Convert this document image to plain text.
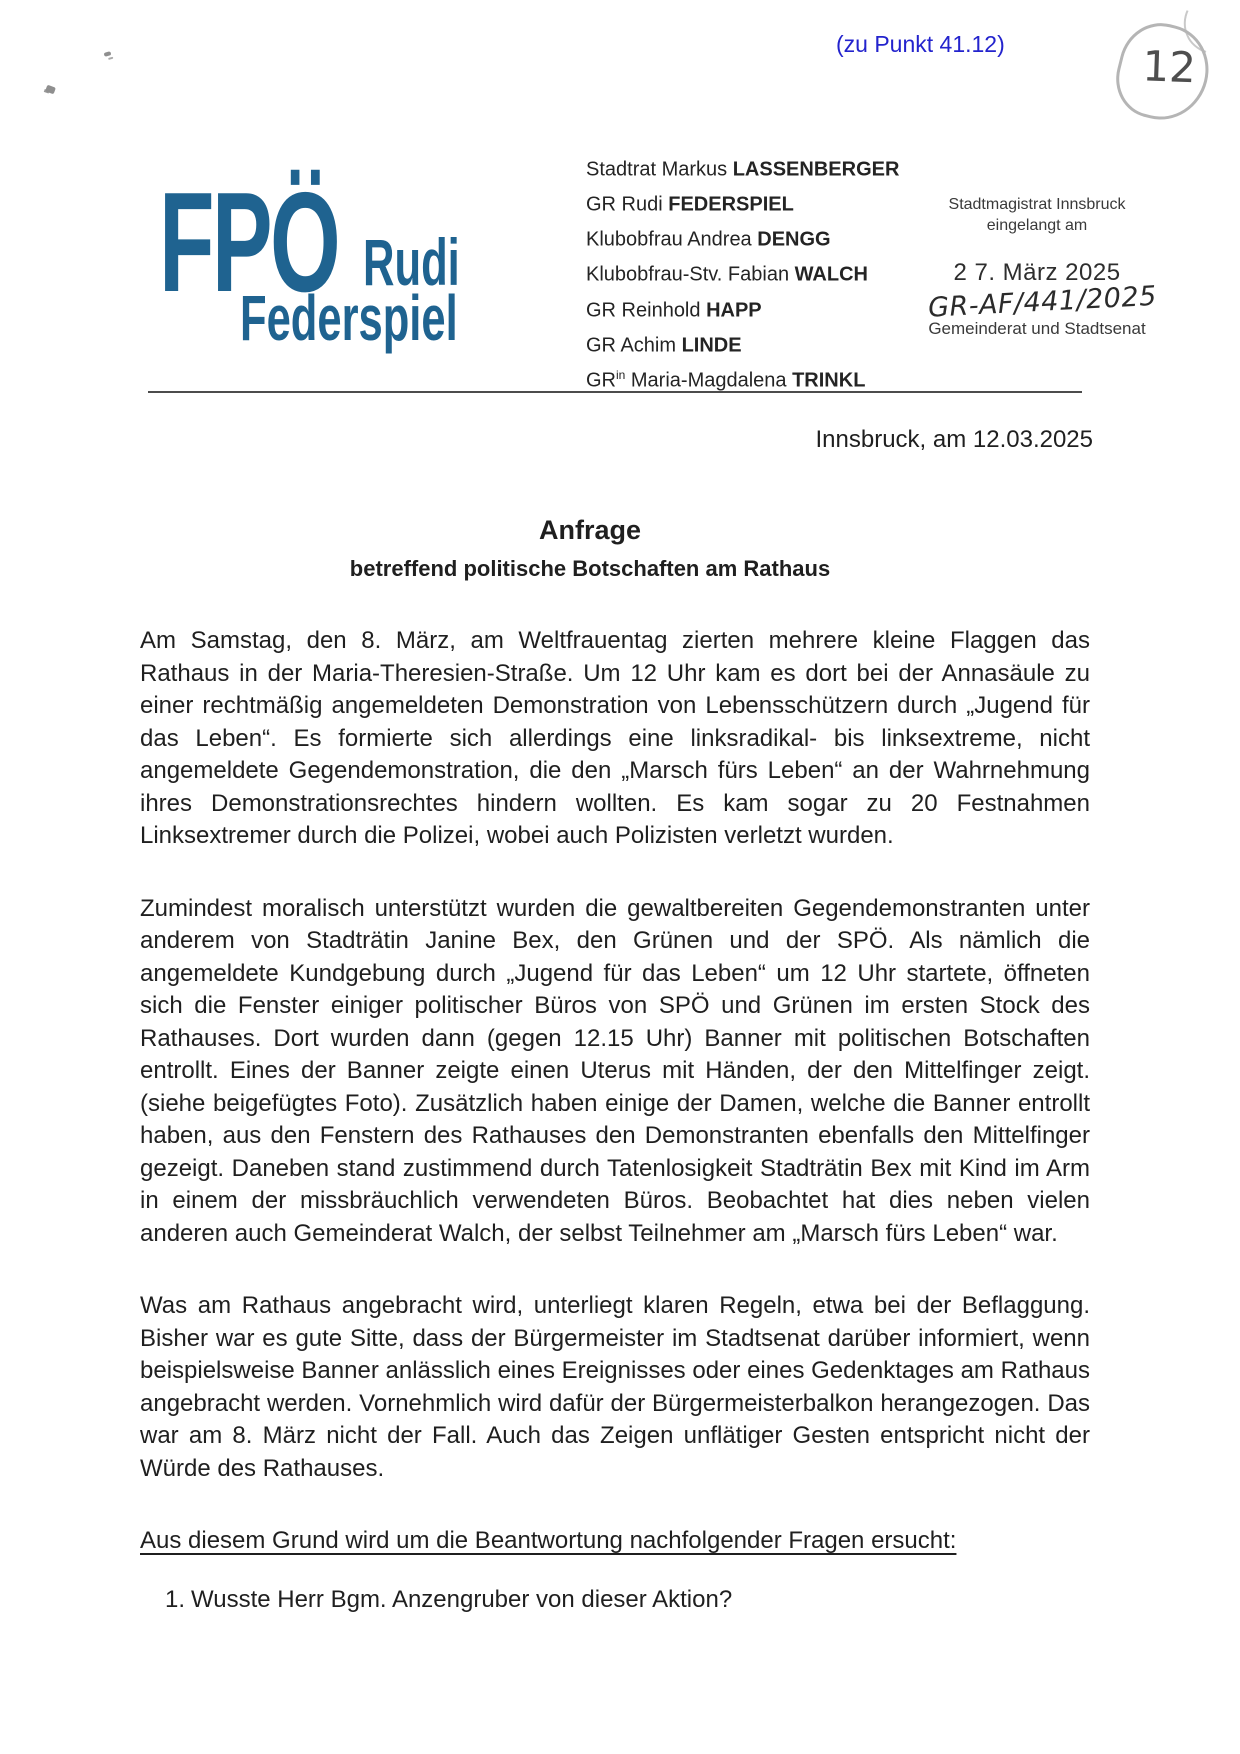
(zu Punkt 41.12)	12
FPÖ Rudi
Federspiel
Stadtrat Markus LASSENBERGER
GR Rudi FEDERSPIEL
Klubobfrau Andrea DENGG
Klubobfrau-Stv. Fabian WALCH
GR Reinhold HAPP
GR Achim LINDE
$GR^{in}$ Maria-Magdalena TRINKL
Stadtmagistrat Innsbruck
eingelangt am
2 7. März 2025
GR-AF/441/2025
Gemeinderat und Stadtsenat
Innsbruck, am 12.03.2025
Anfrage
betreffend politische Botschaften am Rathaus

Am Samstag, den 8. März, am Weltfrauentag zierten mehrere kleine Flaggen das Rathaus in der Maria-Theresien-Straße. Um 12 Uhr kam es dort bei der Annasäule zu einer rechtmäßig angemeldeten Demonstration von Lebensschützern durch „Jugend für das Leben“. Es formierte sich allerdings eine linksradikal- bis linksextreme, nicht angemeldete Gegendemonstration, die den „Marsch fürs Leben“ an der Wahrnehmung ihres Demonstrationsrechtes hindern wollten. Es kam sogar zu 20 Festnahmen Linksextremer durch die Polizei, wobei auch Polizisten verletzt wurden.

Zumindest moralisch unterstützt wurden die gewaltbereiten Gegendemonstranten unter anderem von Stadträtin Janine Bex, den Grünen und der SPÖ. Als nämlich die angemeldete Kundgebung durch „Jugend für das Leben“ um 12 Uhr startete, öffneten sich die Fenster einiger politischer Büros von SPÖ und Grünen im ersten Stock des Rathauses. Dort wurden dann (gegen 12.15 Uhr) Banner mit politischen Botschaften entrollt. Eines der Banner zeigte einen Uterus mit Händen, der den Mittelfinger zeigt. (siehe beigefügtes Foto). Zusätzlich haben einige der Damen, welche die Banner entrollt haben, aus den Fenstern des Rathauses den Demonstranten ebenfalls den Mittelfinger gezeigt. Daneben stand zustimmend durch Tatenlosigkeit Stadträtin Bex mit Kind im Arm in einem der missbräuchlich verwendeten Büros. Beobachtet hat dies neben vielen anderen auch Gemeinderat Walch, der selbst Teilnehmer am „Marsch fürs Leben“ war.

Was am Rathaus angebracht wird, unterliegt klaren Regeln, etwa bei der Beflaggung. Bisher war es gute Sitte, dass der Bürgermeister im Stadtsenat darüber informiert, wenn beispielsweise Banner anlässlich eines Ereignisses oder eines Gedenktages am Rathaus angebracht werden. Vornehmlich wird dafür der Bürgermeisterbalkon herangezogen. Das war am 8. März nicht der Fall. Auch das Zeigen unflätiger Gesten entspricht nicht der Würde des Rathauses.

Aus diesem Grund wird um die Beantwortung nachfolgender Fragen ersucht:

1. Wusste Herr Bgm. Anzengruber von dieser Aktion?
